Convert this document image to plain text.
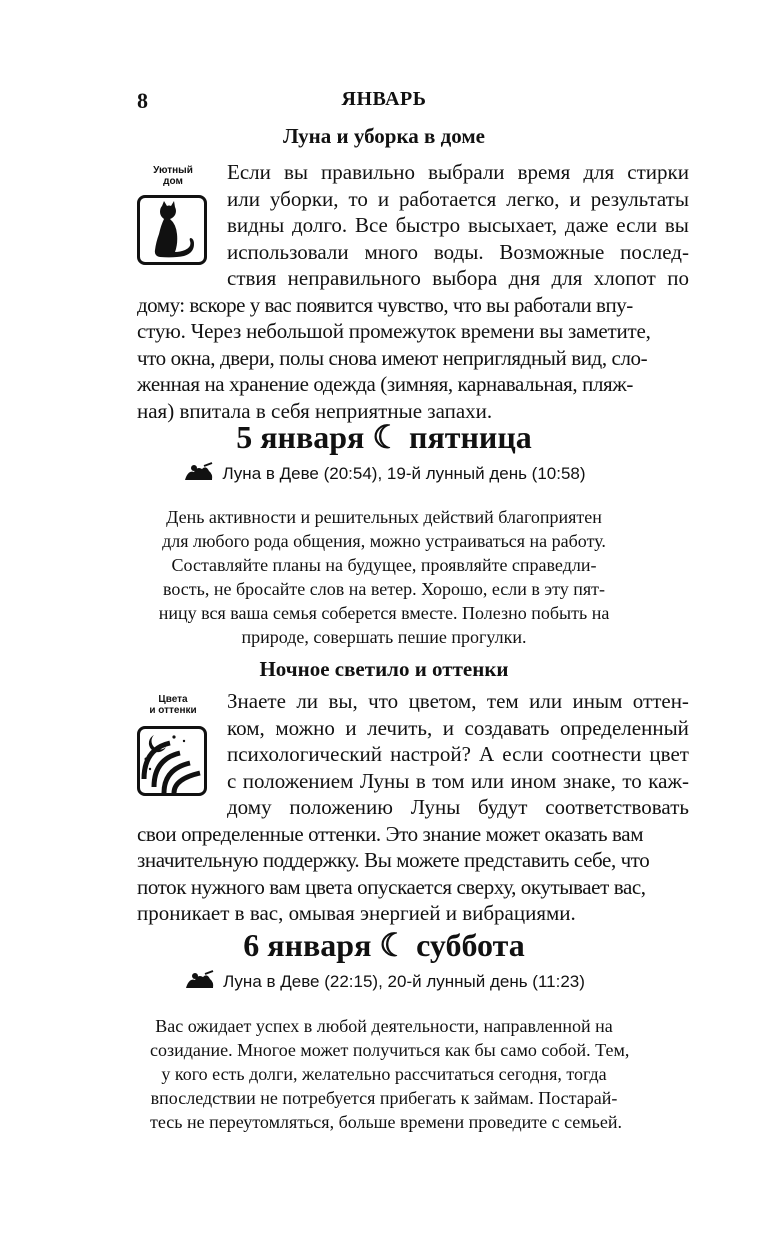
8	ЯНВАРЬ
Луна и уборка в доме
Уютный
дом	Если вы правильно выбрали время для стирки
или уборки, то и работается легко, и результаты
видны долго. Все быстро высыхает, даже если вы
использовали много воды. Возможные послед-
ствия неправильного выбора дня для хлопот по
дому: вскоре у вас появится чувство, что вы работали впу-
стую. Через небольшой промежуток времени вы заметите,
что окна, двери, полы снова имеют неприглядный вид, сло-
женная на хранение одежда (зимняя, карнавальная, пляж-
ная) впитала в себя неприятные запахи.
5 января ☾ пятница
Луна в Деве (20:54), 19-й лунный день (10:58)
День активности и решительных действий благоприятен
для любого рода общения, можно устраиваться на работу.
Составляйте планы на будущее, проявляйте справедли-
вость, не бросайте слов на ветер. Хорошо, если в эту пят-
ницу вся ваша семья соберется вместе. Полезно побыть на
природе, совершать пешие прогулки.
Ночное светило и оттенки
Цвета
и оттенки	Знаете ли вы, что цветом, тем или иным оттен-
ком, можно и лечить, и создавать определенный
психологический настрой? А если соотнести цвет
с положением Луны в том или ином знаке, то каж-
дому положению Луны будут соответствовать
свои определенные оттенки. Это знание может оказать вам
значительную поддержку. Вы можете представить себе, что
поток нужного вам цвета опускается сверху, окутывает вас,
проникает в вас, омывая энергией и вибрациями.
6 января ☾ суббота
Луна в Деве (22:15), 20-й лунный день (11:23)
Вас ожидает успех в любой деятельности, направленной на
созидание. Многое может получиться как бы само собой. Тем,
у кого есть долги, желательно рассчитаться сегодня, тогда
впоследствии не потребуется прибегать к займам. Постарай-
тесь не переутомляться, больше времени проведите с семьей.
